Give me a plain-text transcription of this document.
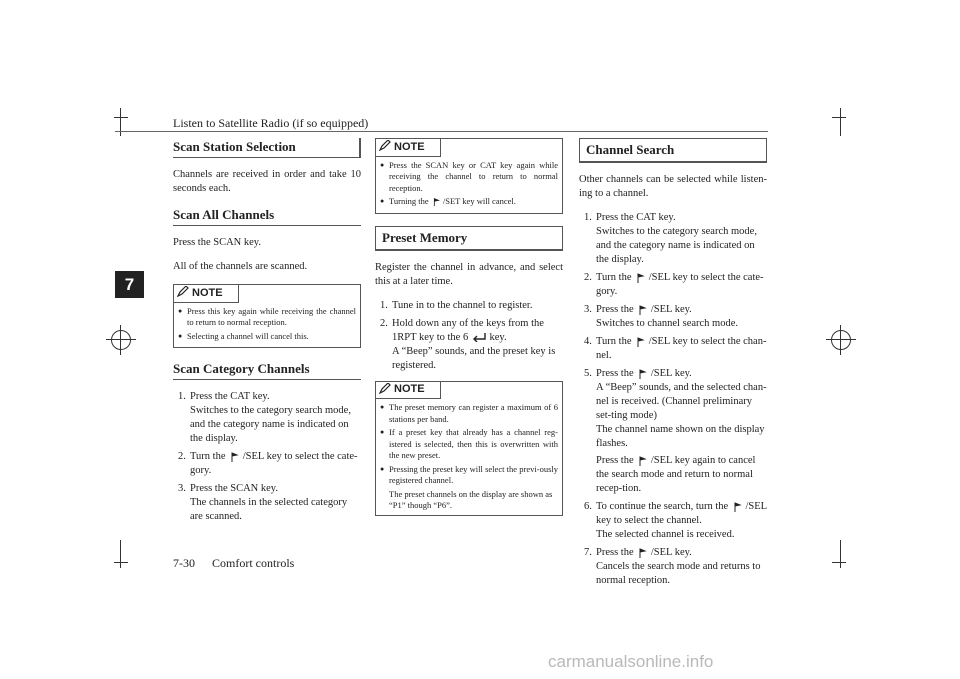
Listen to Satellite Radio (if so equipped)
7
Scan Station Selection

Channels are received in order and take 10 seconds each.

Scan All Channels

Press the SCAN key.

All of the channels are scanned.

NOTE
● Press this key again while receiving the channel to return to normal reception.
● Selecting a channel will cancel this.
Scan Category Channels
1. Press the CAT key.
Switches to the category search mode, and the category name is indicated on the display.
2. Turn the /SEL key to select the cate-gory.
3. Press the SCAN key.
The channels in the selected category are scanned.
NOTE
● Press the SCAN key or CAT key again while receiving the channel to return to normal reception.
● Turning the /SET key will cancel.
Preset Memory

Register the channel in advance, and select this at a later time.

1. Tune in to the channel to register.
2. Hold down any of the keys from the 1RPT key to the 6 key.
A “Beep” sounds, and the preset key is registered.
NOTE
● The preset memory can register a maximum of 6 stations per band.
● If a preset key that already has a channel reg-istered is selected, then this is overwritten with the new preset.
● Pressing the preset key will select the previ-ously registered channel.
The preset channels on the display are shown as “P1” though “P6”.
Channel Search

Other channels can be selected while listen-ing to a channel.

1. Press the CAT key.
Switches to the category search mode, and the category name is indicated on the display.
2. Turn the /SEL key to select the cate-gory.
3. Press the /SEL key.
Switches to channel search mode.
4. Turn the /SEL key to select the chan-nel.
5. Press the /SEL key.
A “Beep” sounds, and the selected chan-nel is received. (Channel preliminary set-ting mode)
The channel name shown on the display flashes.
Press the /SEL key again to cancel the search mode and return to normal recep-tion.
6. To continue the search, turn the /SEL key to select the channel.
The selected channel is received.
7. Press the /SEL key.
Cancels the search mode and returns to normal reception.
7-30 Comfort controls
carmanualsonline.info
